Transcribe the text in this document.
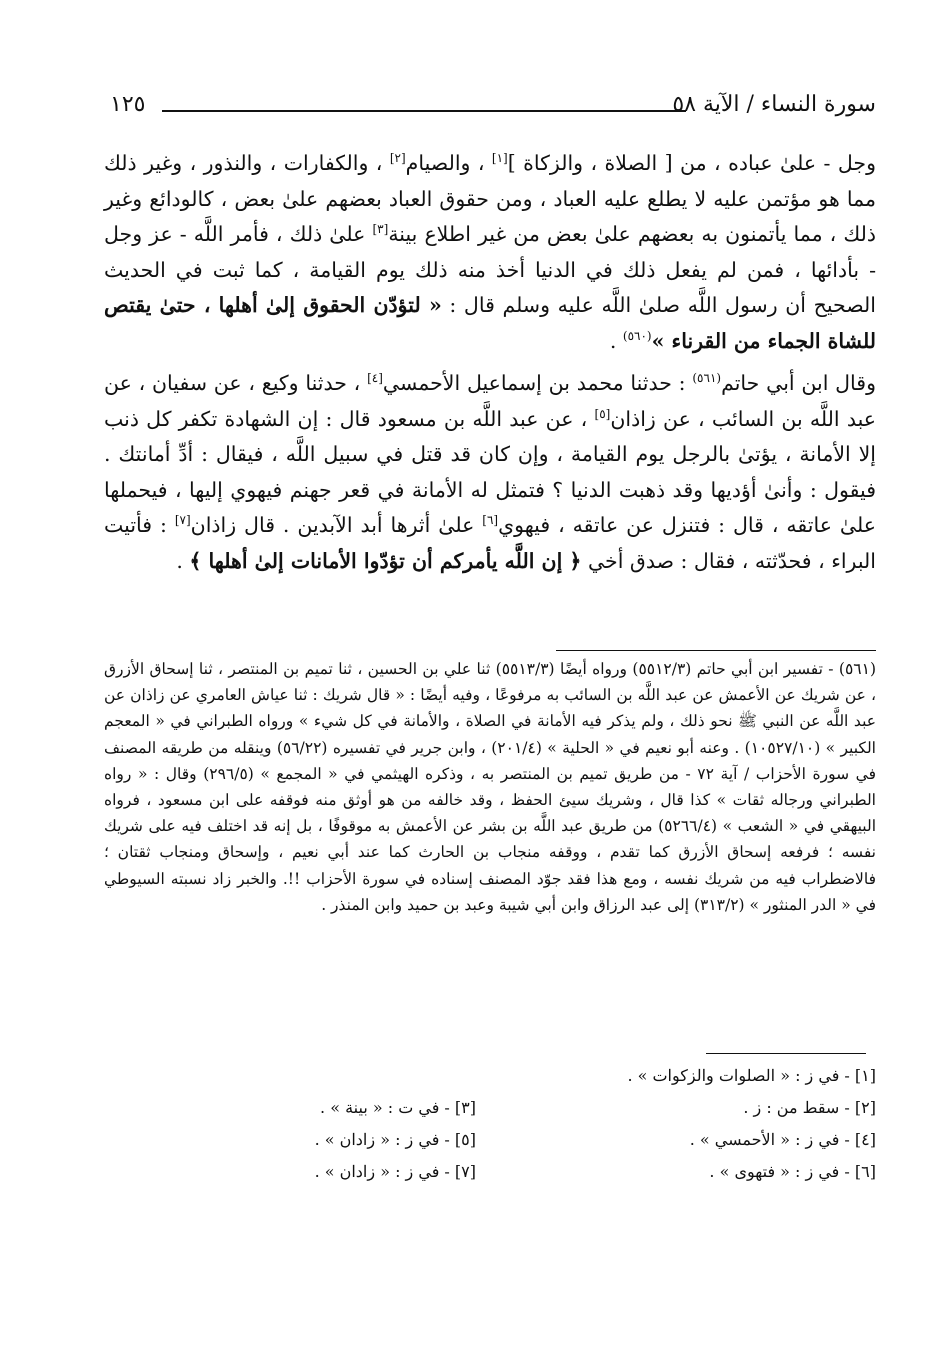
سورة النساء / الآية ٥٨
١٢٥
وجل - علىٰ عباده ، من [ الصلاة ، والزكاة ][١] ، والصيام[٢] ، والكفارات ، والنذور ، وغير ذلك مما هو مؤتمن عليه لا يطلع عليه العباد ، ومن حقوق العباد بعضهم علىٰ بعض ، كالودائع وغير ذلك ، مما يأتمنون به بعضهم علىٰ بعض من غير اطلاع بينة[٣] علىٰ ذلك ، فأمر اللَّه - عز وجل - بأدائها ، فمن لم يفعل ذلك في الدنيا أخذ منه ذلك يوم القيامة ، كما ثبت في الحديث الصحيح أن رسول اللَّه صلىٰ اللَّه عليه وسلم قال : « لتؤدّن الحقوق إلىٰ أهلها ، حتىٰ يقتص للشاة الجماء من القرناء »$^{(٥٦٠)}$ .
وقال ابن أبي حاتم$^{(٥٦١)}$ : حدثنا محمد بن إسماعيل الأحمسي[٤] ، حدثنا وكيع ، عن سفيان ، عن عبد اللَّه بن السائب ، عن زاذان[٥] ، عن عبد اللَّه بن مسعود قال : إن الشهادة تكفر كل ذنب إلا الأمانة ، يؤتىٰ بالرجل يوم القيامة ، وإن كان قد قتل في سبيل اللَّه ، فيقال : أدِّ أمانتك . فيقول : وأنىٰ أؤديها وقد ذهبت الدنيا ؟ فتمثل له الأمانة في قعر جهنم فيهوي إليها ، فيحملها علىٰ عاتقه ، قال : فتنزل عن عاتقه ، فيهوي[٦] علىٰ أثرها أبد الآبدين . قال زاذان[٧] : فأتيت البراء ، فحدّثته ، فقال : صدق أخي ﴿ إن اللَّه يأمركم أن تؤدّوا الأمانات إلىٰ أهلها ﴾ .
(٥٦١) - تفسير ابن أبي حاتم (٥٥١٢/٣) ورواه أيضًا (٥٥١٣/٣) ثنا علي بن الحسين ، ثنا تميم بن المنتصر ، ثنا إسحاق الأزرق ، عن شريك عن الأعمش عن عبد اللَّه بن السائب به مرفوعًا ، وفيه أيضًا : « قال شريك : ثنا عياش العامري عن زاذان عن عبد اللَّه عن النبي ﷺ نحو ذلك ، ولم يذكر فيه الأمانة في الصلاة ، والأمانة في كل شيء » ورواه الطبراني في « المعجم الكبير » (١٠٥٢٧/١٠) . وعنه أبو نعيم في « الحلية » (٢٠١/٤) ، وابن جرير في تفسيره (٥٦/٢٢) وينقله من طريقه المصنف في سورة الأحزاب / آية ٧٢ - من طريق تميم بن المنتصر به ، وذكره الهيثمي في « المجمع » (٢٩٦/٥) وقال : « رواه الطبراني ورجاله ثقات » كذا قال ، وشريك سيئ الحفظ ، وقد خالفه من هو أوثق منه فوقفه على ابن مسعود ، فرواه البيهقي في « الشعب » (٥٢٦٦/٤) من طريق عبد اللَّه بن بشر عن الأعمش به موقوفًا ، بل إنه قد اختلف فيه على شريك نفسه ؛ فرفعه إسحاق الأزرق كما تقدم ، ووقفه منجاب بن الحارث كما عند أبي نعيم ، وإسحاق ومنجاب ثقتان ؛ فالاضطراب فيه من شريك نفسه ، ومع هذا فقد جوّد المصنف إسناده في سورة الأحزاب !!. والخبر زاد نسبته السيوطي في « الدر المنثور » (٣١٣/٢) إلى عبد الرزاق وابن أبي شيبة وعبد بن حميد وابن المنذر .
[١] - في ز : « الصلوات والزكوات » .
[٢] - سقط من : ز .
[٣] - في ت : « بينة » .
[٤] - في ز : « الأحمسي » .
[٥] - في ز : « زادان » .
[٦] - في ز : « فتهوى » .
[٧] - في ز : « زادان » .
